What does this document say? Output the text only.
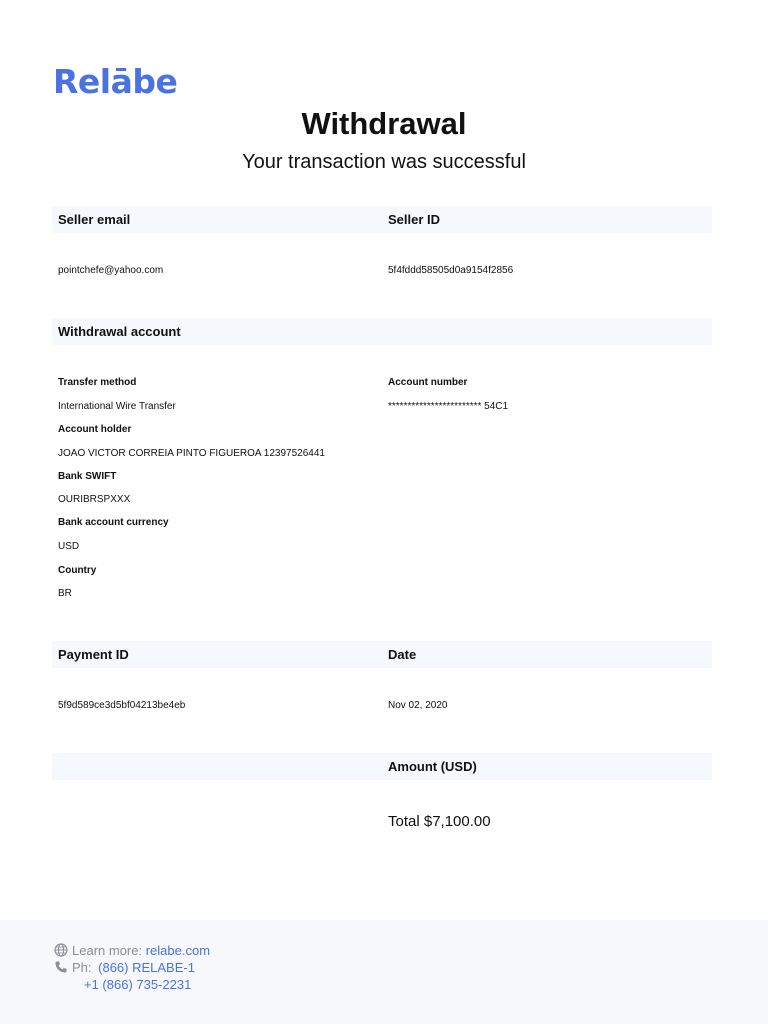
Relābe
Withdrawal
Your transaction was successful
Seller email	Seller ID
pointchefe@yahoo.com	5f4fddd58505d0a9154f2856
Withdrawal account
Transfer method
International Wire Transfer
Account holder
JOAO VICTOR CORREIA PINTO FIGUEROA 12397526441
Bank SWIFT
OURIBRSPXXX
Bank account currency
USD
Country
BR
Account number
************************ 54C1
Payment ID	Date
5f9d589ce3d5bf04213be4eb	Nov 02, 2020
Amount (USD)
Total $7,100.00
Learn more: relabe.com
Ph: (866) RELABE-1
+1 (866) 735-2231
